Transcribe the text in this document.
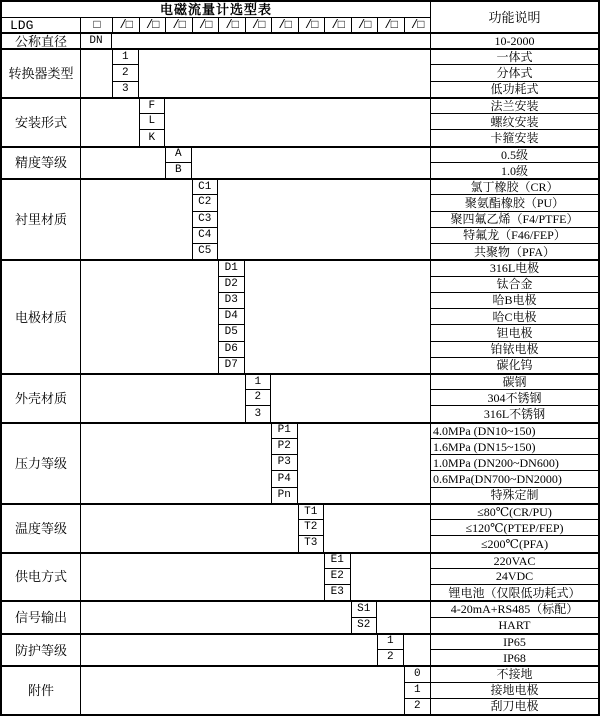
电磁流量计选型表	功能说明
LDG	□	/□	/□	/□	/□	/□	/□	/□	/□	/□	/□	/□	/□
公称直径	DN	10-2000
转换器类型
1	一体式
2	分体式
3	低功耗式
安装形式
F	法兰安装
L	螺纹安装
K	卡箍安装
精度等级
A	0.5级
B	1.0级
衬里材质
C1	氯丁橡胶（CR）
C2	聚氨酯橡胶（PU）
C3	聚四氟乙烯（F4/PTFE）
C4	特氟龙（F46/FEP）
C5	共聚物（PFA）
电极材质
D1	316L电极
D2	钛合金
D3	哈B电极
D4	哈C电极
D5	钽电极
D6	铂铱电极
D7	碳化钨
外壳材质
1	碳钢
2	304不锈钢
3	316L不锈钢
压力等级
P1	4.0MPa (DN10~150)
P2	1.6MPa (DN15~150)
P3	1.0MPa (DN200~DN600)
P4	0.6MPa(DN700~DN2000)
Pn	特殊定制
温度等级
T1	≤80℃(CR/PU)
T2	≤120℃(PTEP/FEP)
T3	≤200℃(PFA)
供电方式
E1	220VAC
E2	24VDC
E3	锂电池（仅限低功耗式）
信号输出
S1	4-20mA+RS485（标配）
S2	HART
防护等级
1	IP65
2	IP68
附件
0	不接地
1	接地电极
2	刮刀电极
